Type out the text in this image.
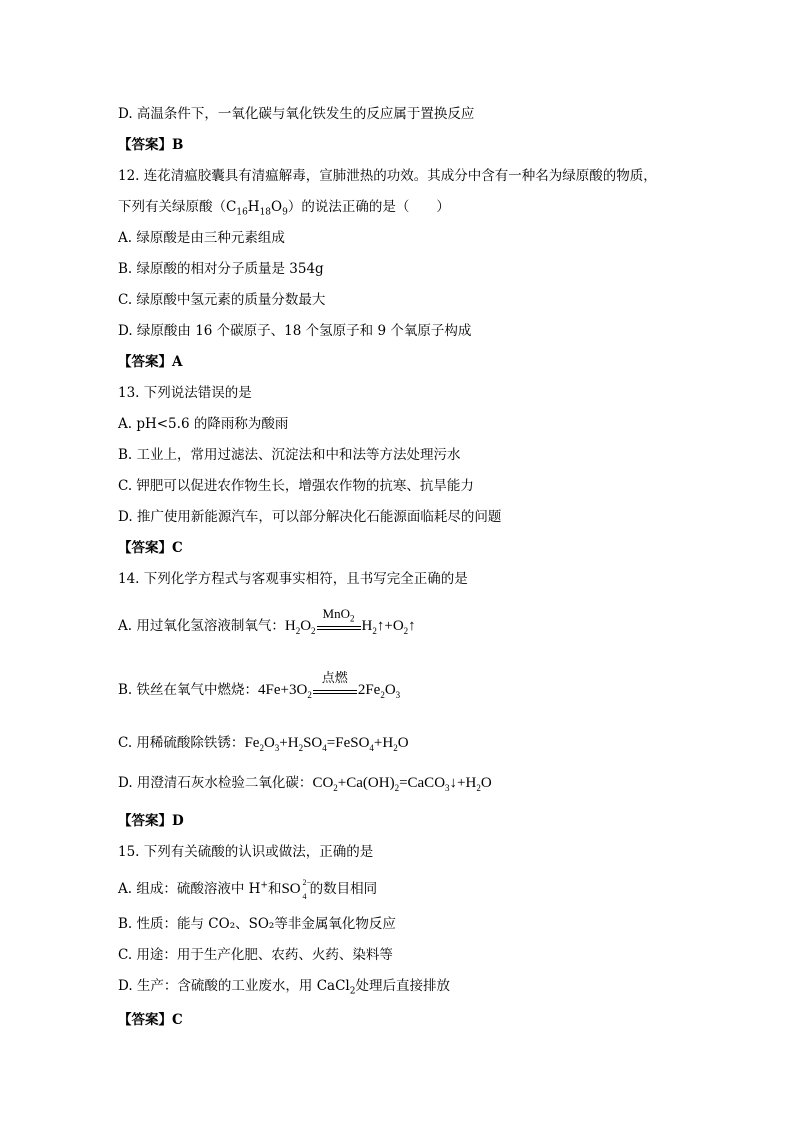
D. 高温条件下，一氧化碳与氧化铁发生的反应属于置换反应
【答案】B
12. 连花清瘟胶囊具有清瘟解毒，宣肺泄热的功效。其成分中含有一种名为绿原酸的物质，
下列有关绿原酸$(C_{16}H_{18}O_9)$的说法正确的是（　　）
A. 绿原酸是由三种元素组成
B. 绿原酸的相对分子质量是 354g
C. 绿原酸中氢元素的质量分数最大
D. 绿原酸由 16 个碳原子、18 个氢原子和 9 个氧原子构成
【答案】A
13. 下列说法错误的是
A. pH<5.6 的降雨称为酸雨
B. 工业上，常用过滤法、沉淀法和中和法等方法处理污水
C. 钾肥可以促进农作物生长，增强农作物的抗寒、抗旱能力
D. 推广使用新能源汽车，可以部分解决化石能源面临耗尽的问题
【答案】C
14. 下列化学方程式与客观事实相符，且书写完全正确的是
A. 用过氧化氢溶液制氧气：$H_2O_2$
MnO$_2$ $H_2↑+O_2↑$
B. 铁丝在氧气中燃烧：$4Fe+3O_2$
点燃
$2Fe_2O_3$
C. 用稀硫酸除铁锈：$Fe_2O_3+H_2SO_4=FeSO_4+H_2O$
D. 用澄清石灰水检验二氧化碳：$CO_2+Ca(OH)_2=CaCO_3↓+H_2O$
【答案】D
15. 下列有关硫酸的认识或做法，正确的是
A. 组成：硫酸溶液中 H+和SO 2−
4 的数目相同
B. 性质：能与 CO₂、SO₂等非金属氧化物反应
C. 用途：用于生产化肥、农药、火药、染料等
D. 生产：含硫酸的工业废水，用 CaCl$_2$处理后直接排放
【答案】C
